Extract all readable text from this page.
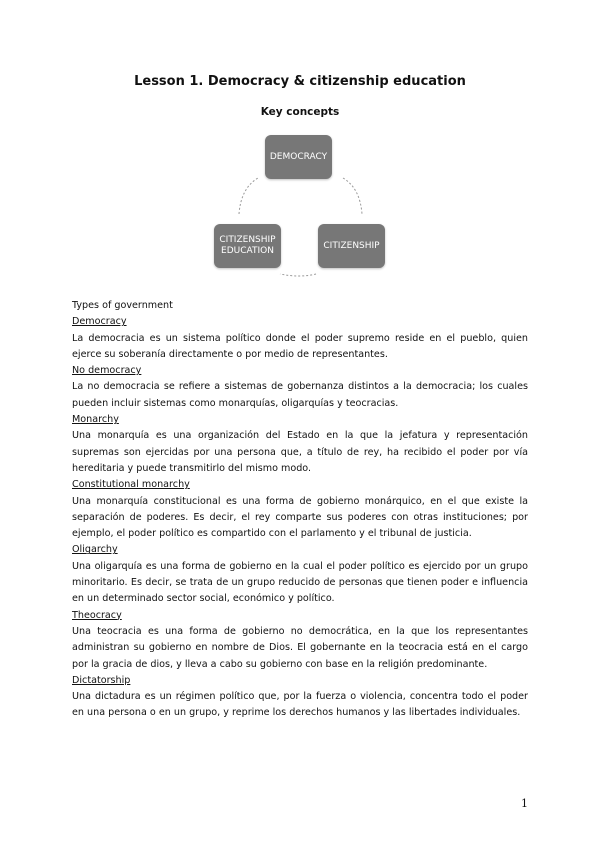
Lesson 1. Democracy & citizenship education
Key concepts
DEMOCRACY
CITIZENSHIP
CITIZENSHIP
EDUCATION

Types of government

Democracy

La democracia es un sistema político donde el poder supremo reside en el pueblo, quien ejerce su soberanía directamente o por medio de representantes.

No democracy

La no democracia se refiere a sistemas de gobernanza distintos a la democracia; los cuales pueden incluir sistemas como monarquías, oligarquías y teocracias.

Monarchy

Una monarquía es una organización del Estado en la que la jefatura y representación supremas son ejercidas por una persona que, a título de rey, ha recibido el poder por vía hereditaria y puede transmitirlo del mismo modo.

Constitutional monarchy

Una monarquía constitucional es una forma de gobierno monárquico, en el que existe la separación de poderes. Es decir, el rey comparte sus poderes con otras instituciones; por ejemplo, el poder político es compartido con el parlamento y el tribunal de justicia.

Oligarchy

Una oligarquía es una forma de gobierno en la cual el poder político es ejercido por un grupo minoritario. Es decir, se trata de un grupo reducido de personas que tienen poder e influencia en un determinado sector social, económico y político.

Theocracy

Una teocracia es una forma de gobierno no democrática, en la que los representantes administran su gobierno en nombre de Dios. El gobernante en la teocracia está en el cargo por la gracia de dios, y lleva a cabo su gobierno con base en la religión predominante.

Dictatorship

Una dictadura es un régimen político que, por la fuerza o violencia, concentra todo el poder en una persona o en un grupo, y reprime los derechos humanos y las libertades individuales.

1
